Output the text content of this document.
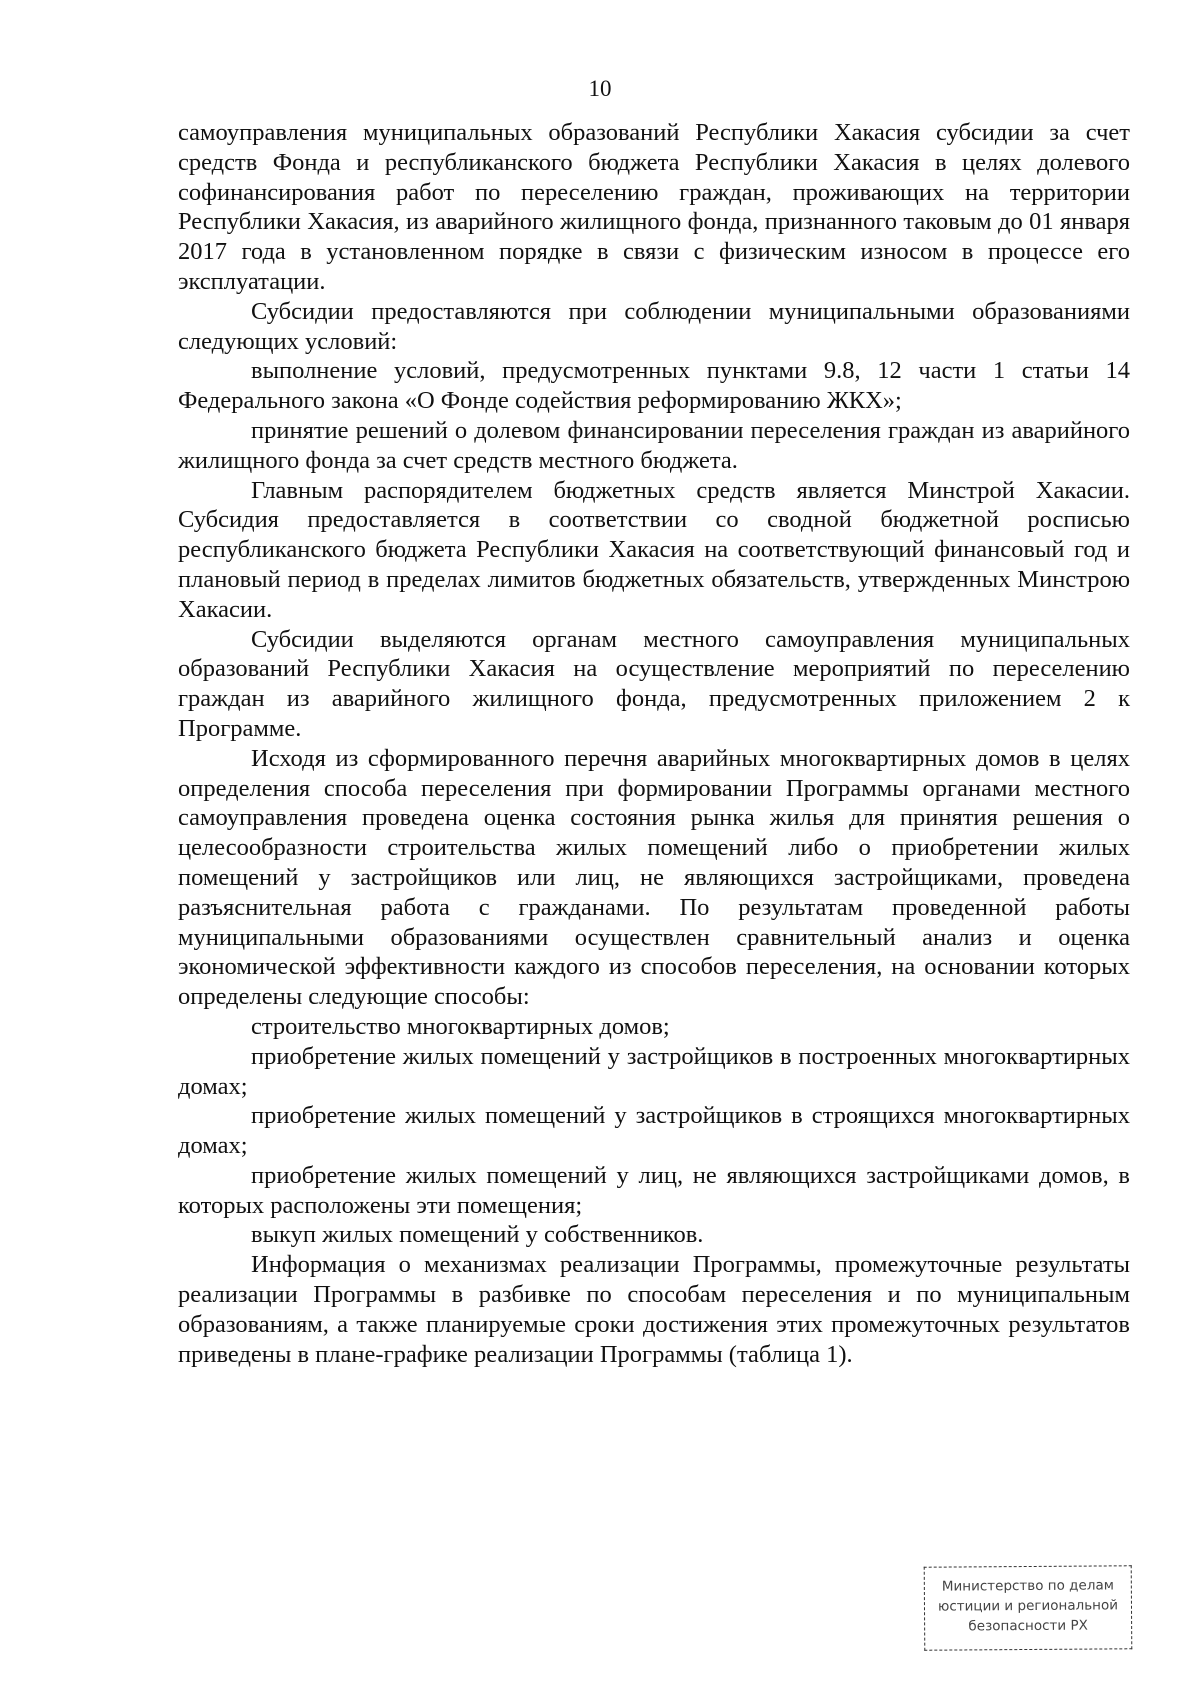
10

самоуправления муниципальных образований Республики Хакасия субсидии за счет средств Фонда и республиканского бюджета Республики Хакасия в целях долевого софинансирования работ по переселению граждан, проживающих на территории Республики Хакасия, из аварийного жилищного фонда, признанного таковым до 01 января 2017 года в установленном порядке в связи с физическим износом в процессе его эксплуатации.

Субсидии предоставляются при соблюдении муниципальными образованиями следующих условий:

выполнение условий, предусмотренных пунктами 9.8, 12 части 1 статьи 14 Федерального закона «О Фонде содействия реформированию ЖКХ»;

принятие решений о долевом финансировании переселения граждан из аварийного жилищного фонда за счет средств местного бюджета.

Главным распорядителем бюджетных средств является Минстрой Хакасии. Субсидия предоставляется в соответствии со сводной бюджетной росписью республиканского бюджета Республики Хакасия на соответствующий финансовый год и плановый период в пределах лимитов бюджетных обязательств, утвержденных Минстрою Хакасии.

Субсидии выделяются органам местного самоуправления муниципальных образований Республики Хакасия на осуществление мероприятий по переселению граждан из аварийного жилищного фонда, предусмотренных приложением 2 к Программе.

Исходя из сформированного перечня аварийных многоквартирных домов в целях определения способа переселения при формировании Программы органами местного самоуправления проведена оценка состояния рынка жилья для принятия решения о целесообразности строительства жилых помещений либо о приобретении жилых помещений у застройщиков или лиц, не являющихся застройщиками, проведена разъяснительная работа с гражданами. По результатам проведенной работы муниципальными образованиями осуществлен сравнительный анализ и оценка экономической эффективности каждого из способов переселения, на основании которых определены следующие способы:

строительство многоквартирных домов;

приобретение жилых помещений у застройщиков в построенных многоквартирных домах;

приобретение жилых помещений у застройщиков в строящихся многоквартирных домах;

приобретение жилых помещений у лиц, не являющихся застройщиками домов, в которых расположены эти помещения;

выкуп жилых помещений у собственников.

Информация о механизмах реализации Программы, промежуточные результаты реализации Программы в разбивке по способам переселения и по муниципальным образованиям, а также планируемые сроки достижения этих промежуточных результатов приведены в плане-графике реализации Программы (таблица 1).

Министерство по делам
юстиции и региональной
безопасности РХ
